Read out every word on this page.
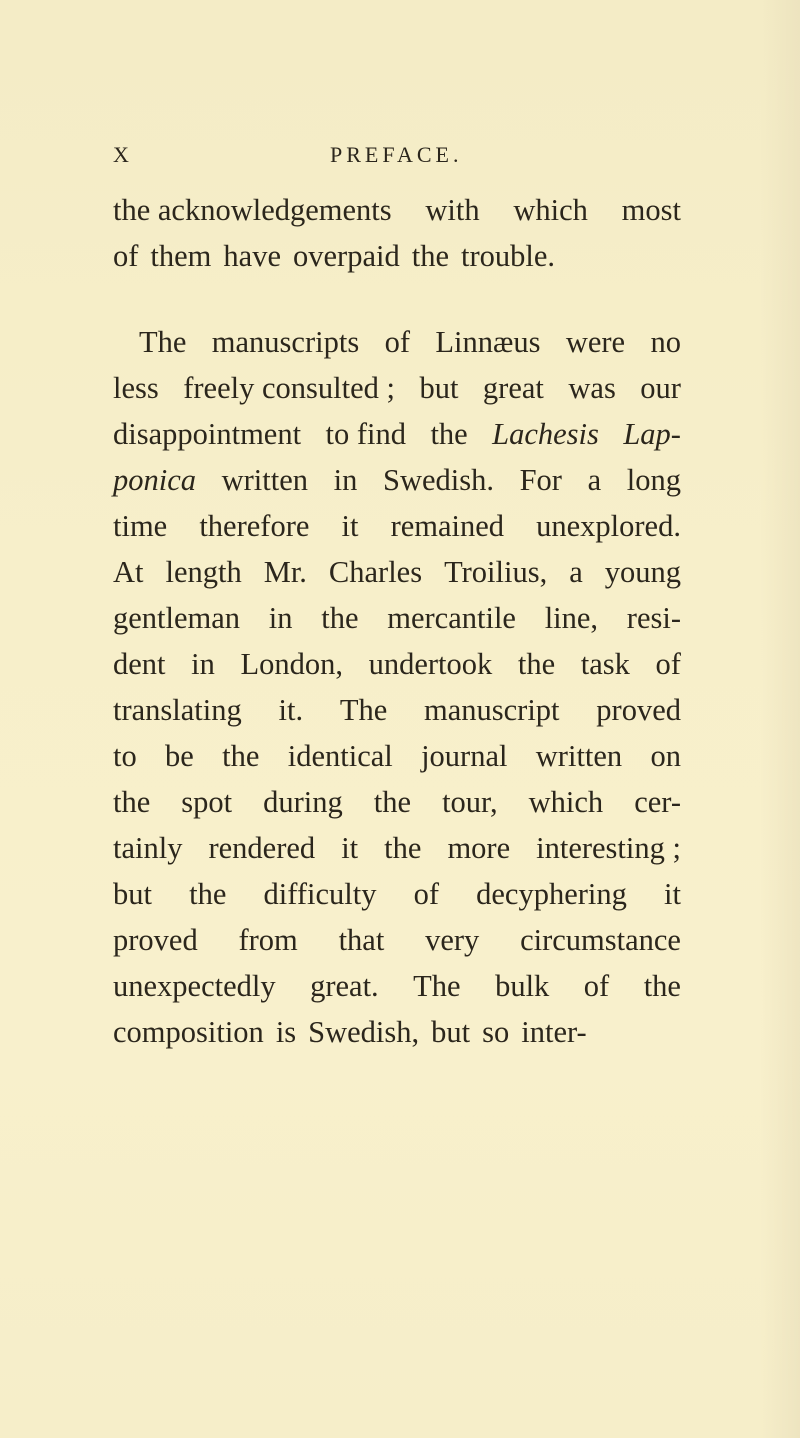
X	PREFACE.
the acknowledgements with which most
of them have overpaid the trouble.
The manuscripts of Linnæus were no
less freely consulted ; but great was our
disappointment to find the Lachesis Lap-
ponica written in Swedish. For a long
time therefore it remained unexplored.
At length Mr. Charles Troilius, a young
gentleman in the mercantile line, resi-
dent in London, undertook the task of
translating it. The manuscript proved
to be the identical journal written on
the spot during the tour, which cer-
tainly rendered it the more interesting ;
but the difficulty of decyphering it
proved from that very circumstance
unexpectedly great. The bulk of the
composition is Swedish, but so inter-
